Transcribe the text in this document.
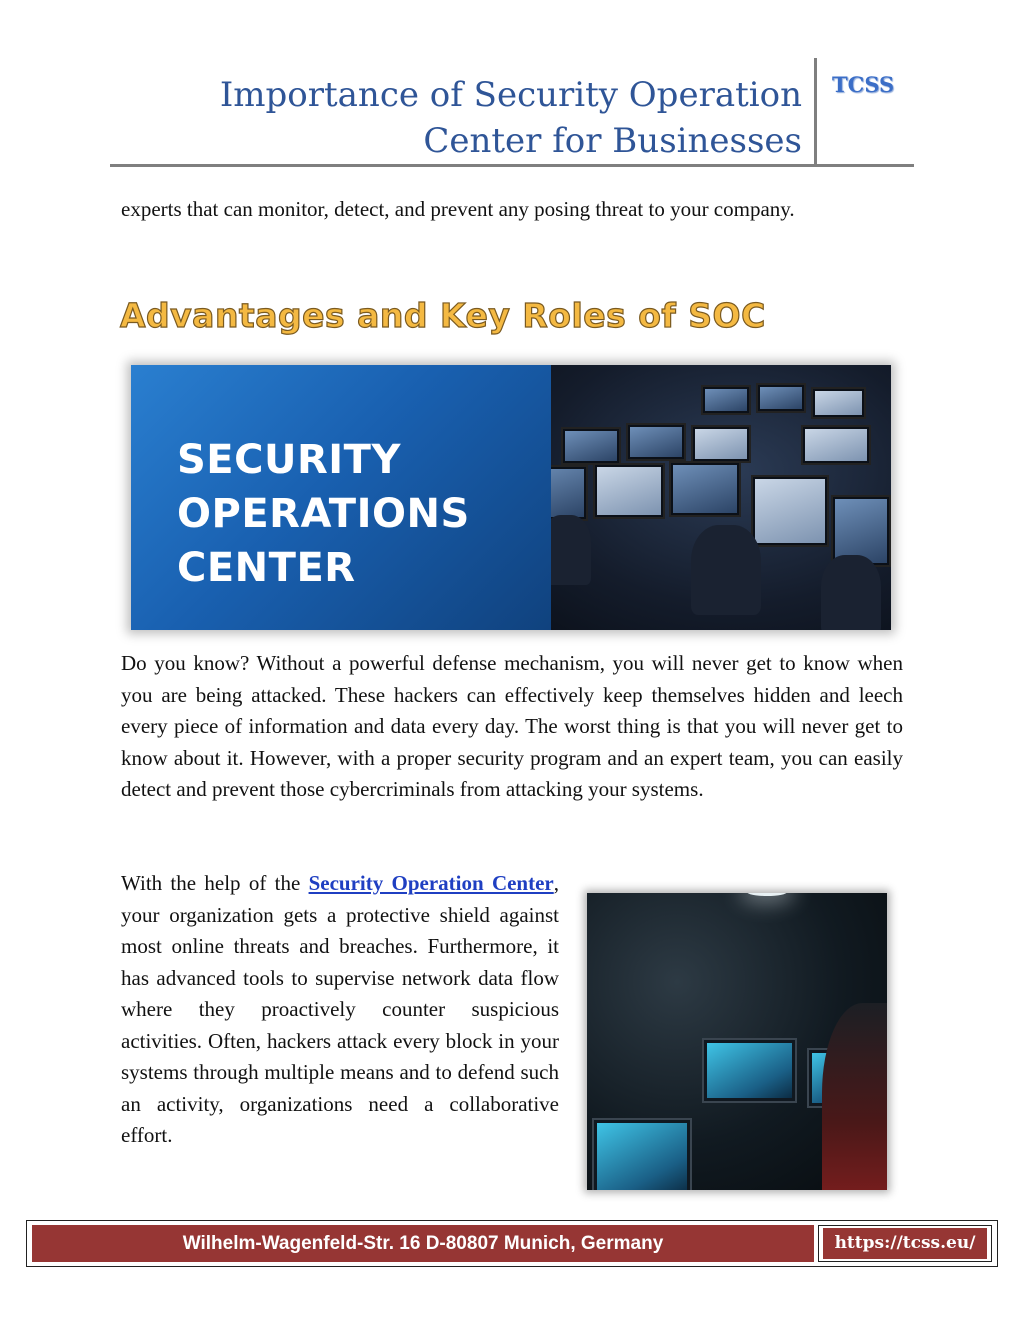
Importance of Security Operation
Center for Businesses
TCSS

experts that can monitor, detect, and prevent any posing threat to your company.

Advantages and Key Roles of SOC
SECURITY
OPERATIONS
CENTER

Do you know? Without a powerful defense mechanism, you will never get to know when you are being attacked. These hackers can effectively keep themselves hidden and leech every piece of information and data every day. The worst thing is that you will never get to know about it. However, with a proper security program and an expert team, you can easily detect and prevent those cybercriminals from attacking your systems.

With the help of the Security Operation Center, your organization gets a protective shield against most online threats and breaches. Furthermore, it has advanced tools to supervise network data flow where they proactively counter suspicious activities. Often, hackers attack every block in your systems through multiple means and to defend such an activity, organizations need a collaborative effort.

Wilhelm-Wagenfeld-Str. 16 D-80807 Munich, Germany	https://tcss.eu/
